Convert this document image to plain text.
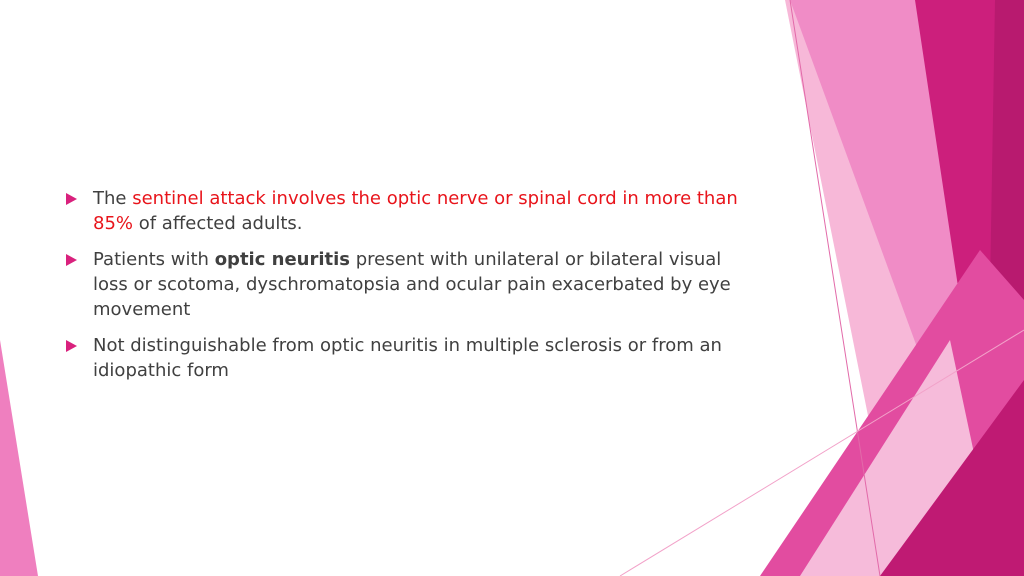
The sentinel attack involves the optic nerve or spinal cord in more than 85% of affected adults.
Patients with optic neuritis present with unilateral or bilateral visual loss or scotoma, dyschromatopsia and ocular pain exacerbated by eye movement
Not distinguishable from optic neuritis in multiple sclerosis or from an idiopathic form
